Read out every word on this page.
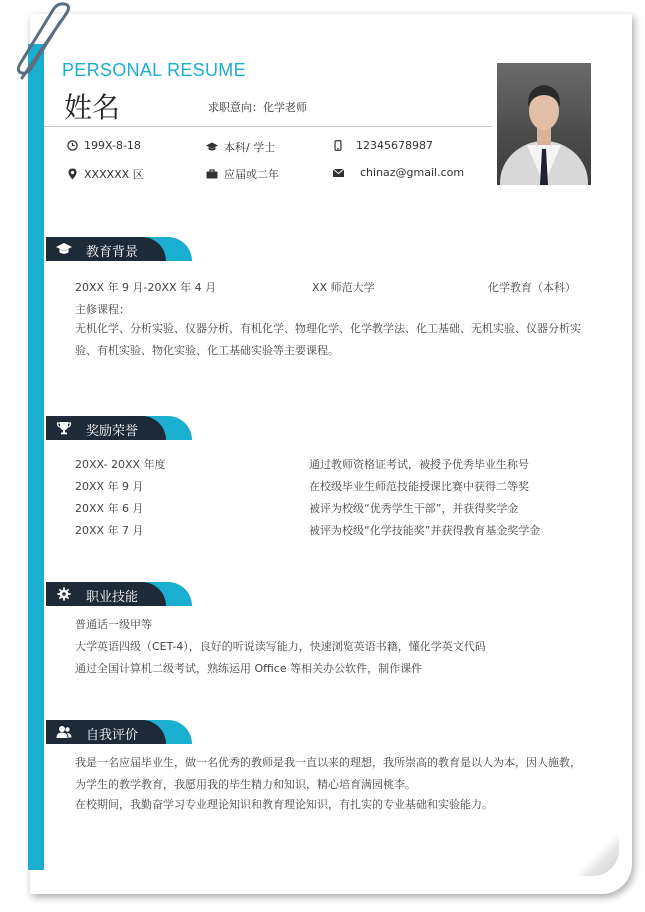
PERSONAL RESUME
姓名	求职意向：化学老师
199X-8-18	本科/ 学士	12345678987
XXXXXX 区	应届或二年	chinaz@gmail.com
教育背景
20XX 年 9 月-20XX 年 4 月	XX 师范大学	化学教育（本科）
主修课程：
无机化学、分析实验、仪器分析、有机化学、物理化学、化学教学法、化工基础、无机实验、仪器分析实验、有机实验、物化实验、化工基础实验等主要课程。
奖励荣誉
20XX- 20XX 年度	通过教师资格证考试，被授予优秀毕业生称号
20XX 年 9 月	在校级毕业生师范技能授课比赛中获得二等奖
20XX 年 6 月	被评为校级“优秀学生干部”，并获得奖学金
20XX 年 7 月	被评为校级“化学技能奖”并获得教育基金奖学金
职业技能
普通话一级甲等
大学英语四级（CET-4），良好的听说读写能力，快速浏览英语书籍，懂化学英文代码
通过全国计算机二级考试，熟练运用 Office 等相关办公软件，制作课件
自我评价
我是一名应届毕业生，做一名优秀的教师是我一直以来的理想，我所崇高的教育是以人为本，因人施教，为学生的教学教育，我愿用我的毕生精力和知识，精心培育满园桃李。
在校期间，我勤奋学习专业理论知识和教育理论知识，有扎实的专业基础和实验能力。
